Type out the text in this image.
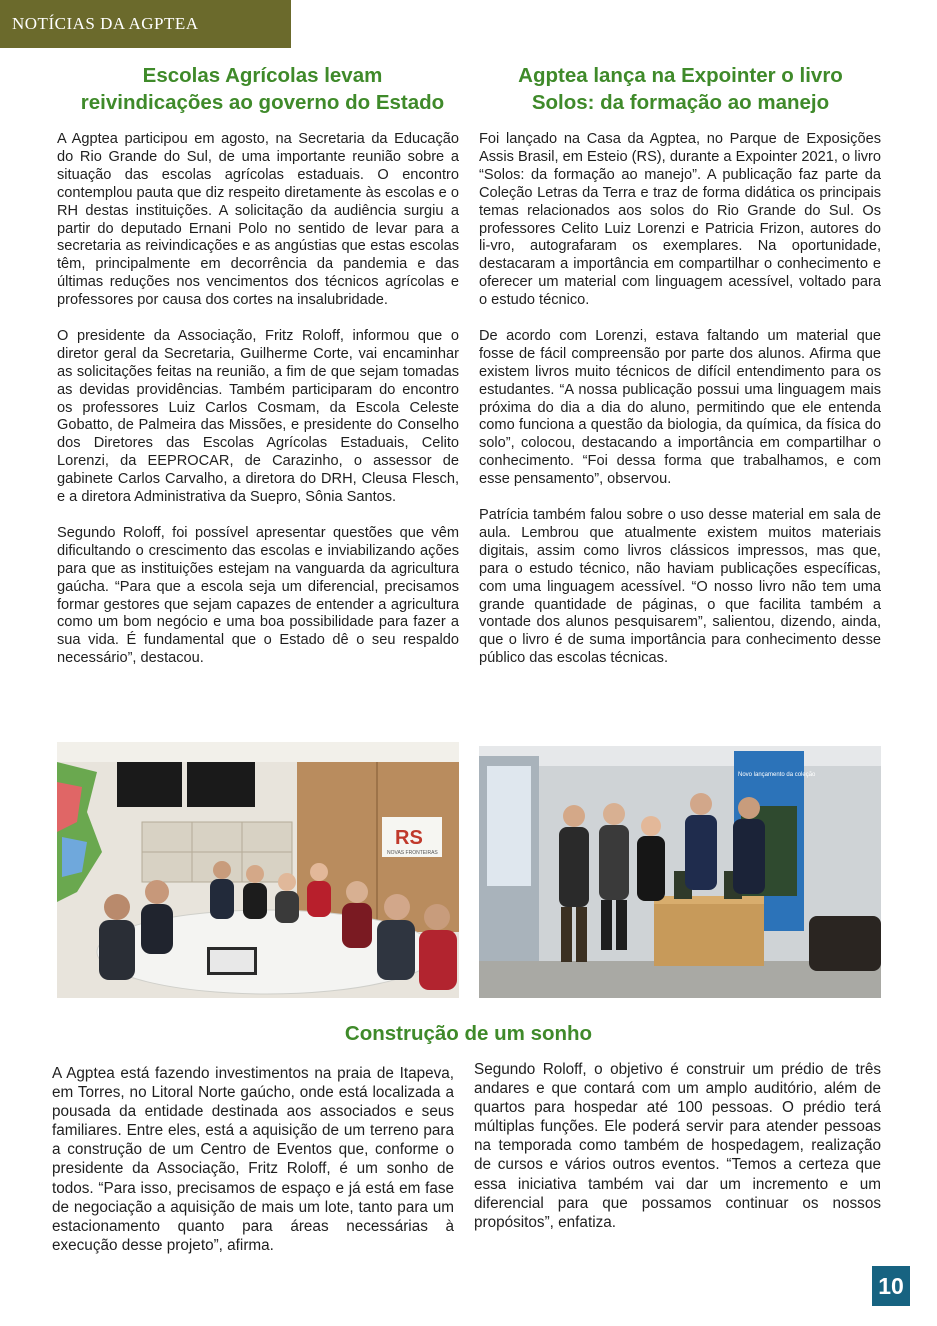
NOTÍCIAS DA AGPTEA
Escolas Agrícolas levam
reivindicações ao governo do Estado

A Agptea participou em agosto, na Secretaria da Educação do Rio Grande do Sul, de uma importante reunião sobre a situação das escolas agrícolas estaduais. O encontro contemplou pauta que diz respeito diretamente às escolas e o RH destas instituições. A solicitação da audiência surgiu a partir do deputado Ernani Polo no sentido de levar para a secretaria as reivindicações e as angústias que estas escolas têm, principalmente em decorrência da pandemia e das últimas reduções nos vencimentos dos técnicos agrícolas e professores por causa dos cortes na insalubridade.

O presidente da Associação, Fritz Roloff, informou que o diretor geral da Secretaria, Guilherme Corte, vai encaminhar as solicitações feitas na reunião, a fim de que sejam tomadas as devidas providências. Também participaram do encontro os professores Luiz Carlos Cosmam, da Escola Celeste Gobatto, de Palmeira das Missões, e presidente do Conselho dos Diretores das Escolas Agrícolas Estaduais, Celito Lorenzi, da EEPROCAR, de Carazinho, o assessor de gabinete Carlos Carvalho, a diretora do DRH, Cleusa Flesch, e a diretora Administrativa da Suepro, Sônia Santos.

Segundo Roloff, foi possível apresentar questões que vêm dificultando o crescimento das escolas e inviabilizando ações para que as instituições estejam na vanguarda da agricultura gaúcha. “Para que a escola seja um diferencial, precisamos formar gestores que sejam capazes de entender a agricultura como um bom negócio e uma boa possibilidade para fazer a sua vida. É fundamental que o Estado dê o seu respaldo necessário”, destacou.

Agptea lança na Expointer o livro
Solos: da formação ao manejo

Foi lançado na Casa da Agptea, no Parque de Exposições Assis Brasil, em Esteio (RS), durante a Expointer 2021, o livro “Solos: da formação ao manejo”. A publicação faz parte da Coleção Letras da Terra e traz de forma didática os principais temas relacionados aos solos do Rio Grande do Sul. Os professores Celito Luiz Lorenzi e Patricia Frizon, autores do li-vro, autografaram os exemplares. Na oportunidade, destacaram a importância em compartilhar o conhecimento e oferecer um material com linguagem acessível, voltado para o estudo técnico.

De acordo com Lorenzi, estava faltando um material que fosse de fácil compreensão por parte dos alunos. Afirma que existem livros muito técnicos de difícil entendimento para os estudantes. “A nossa publicação possui uma linguagem mais próxima do dia a dia do aluno, permitindo que ele entenda como funciona a questão da biologia, da química, da física do solo”, colocou, destacando a importância em compartilhar o conhecimento. “Foi dessa forma que trabalhamos, e com esse pensamento”, observou.

Patrícia também falou sobre o uso desse material em sala de aula. Lembrou que atualmente existem muitos materiais digitais, assim como livros clássicos impressos, mas que, para o estudo técnico, não haviam publicações específicas, com uma linguagem acessível. “O nosso livro não tem uma grande quantidade de páginas, o que facilita também a vontade dos alunos pesquisarem”, salientou, dizendo, ainda, que o livro é de suma importância para conhecimento desse público das escolas técnicas.

RS
NOVAS FRONTEIRAS
Novo lançamento da coleção
Construção de um sonho

A Agptea está fazendo investimentos na praia de Itapeva, em Torres, no Litoral Norte gaúcho, onde está localizada a pousada da entidade destinada aos associados e seus familiares. Entre eles, está a aquisição de um terreno para a construção de um Centro de Eventos que, conforme o presidente da Associação, Fritz Roloff, é um sonho de todos. “Para isso, precisamos de espaço e já está em fase de negociação a aquisição de mais um lote, tanto para um estacionamento quanto para áreas necessárias à execução desse projeto”, afirma.

Segundo Roloff, o objetivo é construir um prédio de três andares e que contará com um amplo auditório, além de quartos para hospedar até 100 pessoas. O prédio terá múltiplas funções. Ele poderá servir para atender pessoas na temporada como também de hospedagem, realização de cursos e vários outros eventos. “Temos a certeza que essa iniciativa também vai dar um incremento e um diferencial para que possamos continuar os nossos propósitos”, enfatiza.

10
